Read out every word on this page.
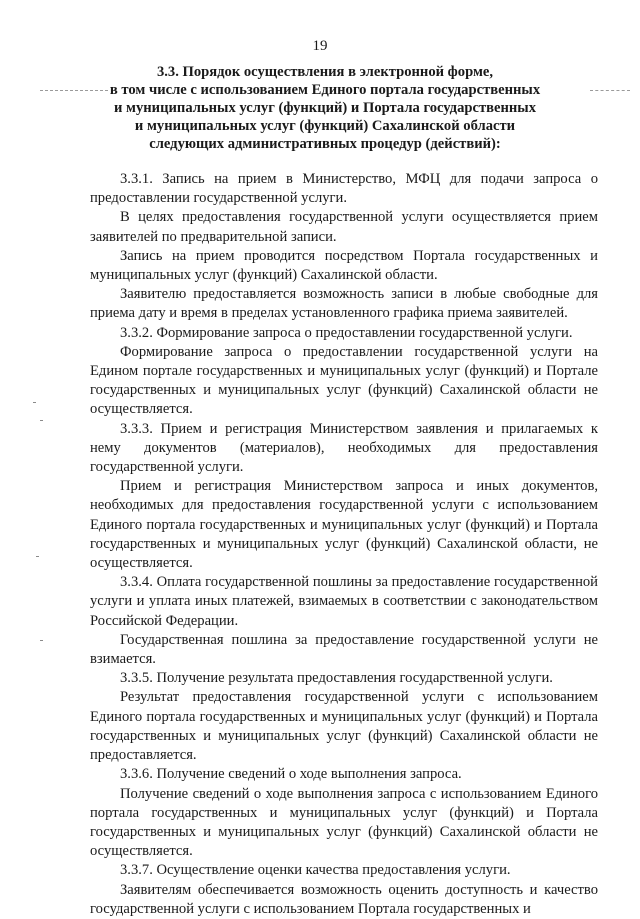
19
3.3. Порядок осуществления в электронной форме,
в том числе с использованием Единого портала государственных
и муниципальных услуг (функций) и Портала государственных
и муниципальных услуг (функций) Сахалинской области
следующих административных процедур (действий):

3.3.1. Запись на прием в Министерство, МФЦ для подачи запроса о предоставлении государственной услуги.

В целях предоставления государственной услуги осуществляется прием заявителей по предварительной записи.

Запись на прием проводится посредством Портала государственных и муниципальных услуг (функций) Сахалинской области.

Заявителю предоставляется возможность записи в любые свободные для приема дату и время в пределах установленного графика приема заявителей.

3.3.2. Формирование запроса о предоставлении государственной услуги.

Формирование запроса о предоставлении государственной услуги на Едином портале государственных и муниципальных услуг (функций) и Портале государственных и муниципальных услуг (функций) Сахалинской области не осуществляется.

3.3.3. Прием и регистрация Министерством заявления и прилагаемых к нему документов (материалов), необходимых для предоставления государственной услуги.

Прием и регистрация Министерством запроса и иных документов, необходимых для предоставления государственной услуги с использованием Единого портала государственных и муниципальных услуг (функций) и Портала государственных и муниципальных услуг (функций) Сахалинской области, не осуществляется.

3.3.4. Оплата государственной пошлины за предоставление государственной услуги и уплата иных платежей, взимаемых в соответствии с законодательством Российской Федерации.

Государственная пошлина за предоставление государственной услуги не взимается.

3.3.5. Получение результата предоставления государственной услуги.

Результат предоставления государственной услуги с использованием Единого портала государственных и муниципальных услуг (функций) и Портала государственных и муниципальных услуг (функций) Сахалинской области не предоставляется.

3.3.6. Получение сведений о ходе выполнения запроса.

Получение сведений о ходе выполнения запроса с использованием Единого портала государственных и муниципальных услуг (функций) и Портала государственных и муниципальных услуг (функций) Сахалинской области не осуществляется.

3.3.7. Осуществление оценки качества предоставления услуги.

Заявителям обеспечивается возможность оценить доступность и качество государственной услуги с использованием Портала государственных и
